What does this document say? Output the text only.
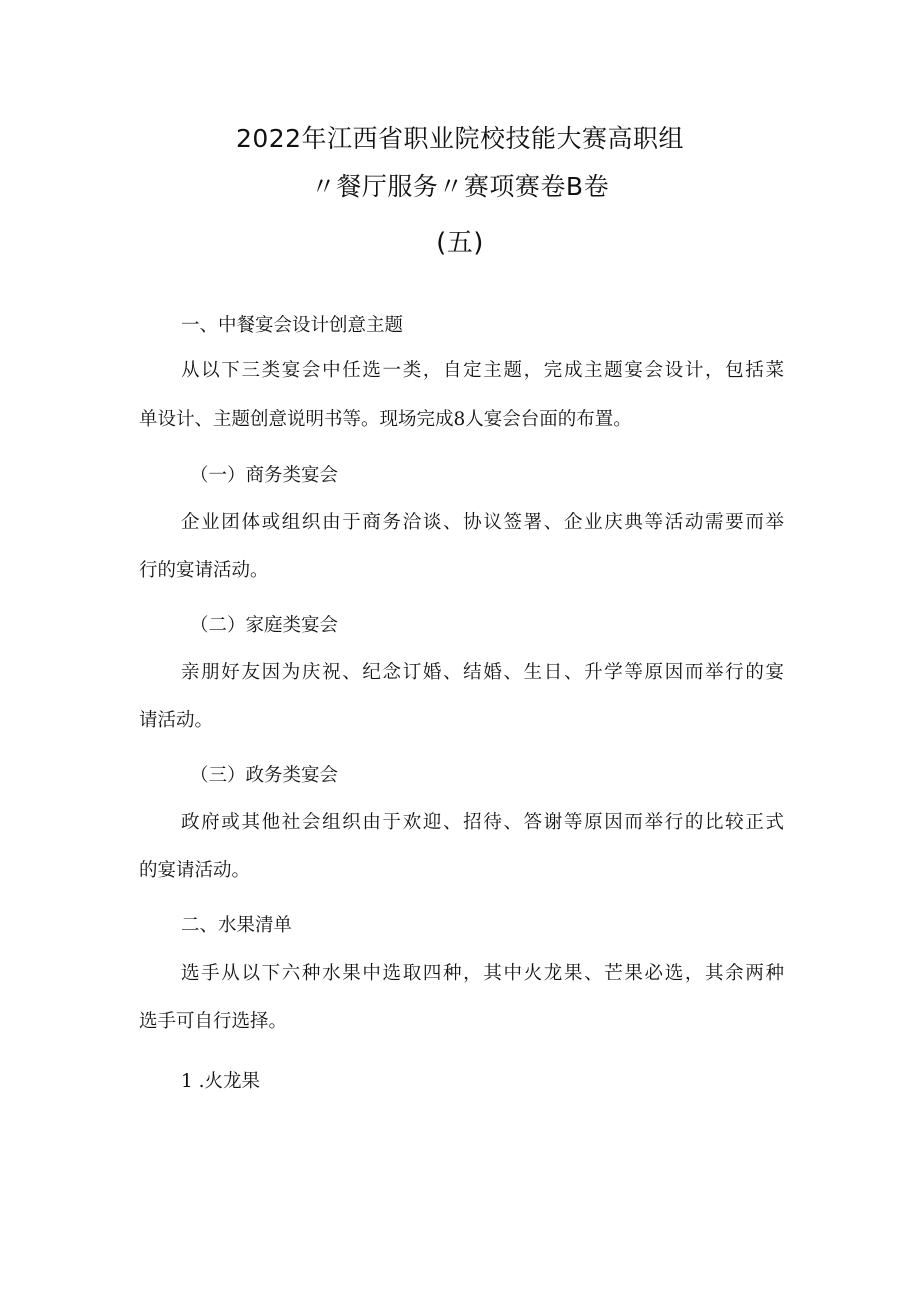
2022年江西省职业院校技能大赛高职组
〃餐厅服务〃赛项赛卷B卷
(五)
一、中餐宴会设计创意主题
从以下三类宴会中任选一类，自定主题，完成主题宴会设计，包括菜
单设计、主题创意说明书等。现场完成8人宴会台面的布置。
（一）商务类宴会
企业团体或组织由于商务洽谈、协议签署、企业庆典等活动需要而举
行的宴请活动。
（二）家庭类宴会
亲朋好友因为庆祝、纪念订婚、结婚、生日、升学等原因而举行的宴
请活动。
（三）政务类宴会
政府或其他社会组织由于欢迎、招待、答谢等原因而举行的比较正式
的宴请活动。
二、水果清单
选手从以下六种水果中选取四种，其中火龙果、芒果必选，其余两种
选手可自行选择。
1 .火龙果
